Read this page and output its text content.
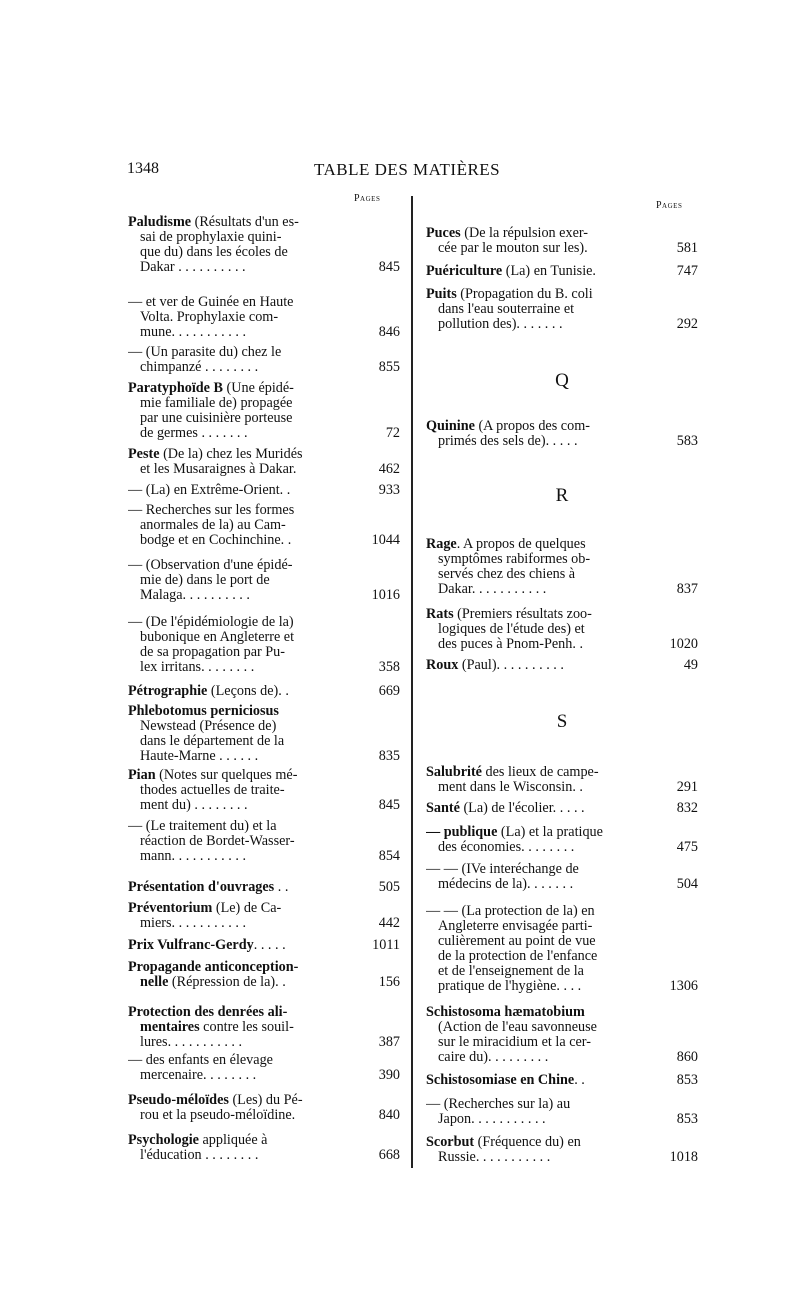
1348	TABLE DES MATIÈRES
Pages
Pages
Paludisme (Résultats d'un es-
sai de prophylaxie quini-
que du) dans les écoles de
Dakar . . . . . . . . . .	845
— et ver de Guinée en Haute
Volta. Prophylaxie com-
mune. . . . . . . . . . .	846
— (Un parasite du) chez le
chimpanzé . . . . . . . .	855
Paratyphoïde B (Une épidé-
mie familiale de) propagée
par une cuisinière porteuse
de germes . . . . . . .	72
Peste (De la) chez les Muridés
et les Musaraignes à Dakar.	462
— (La) en Extrême-Orient. .	933
— Recherches sur les formes
anormales de la) au Cam-
bodge et en Cochinchine. .	1044
— (Observation d'une épidé-
mie de) dans le port de
Malaga. . . . . . . . . .	1016
— (De l'épidémiologie de la)
bubonique en Angleterre et
de sa propagation par Pu-
lex irritans. . . . . . . .	358
Pétrographie (Leçons de). .	669
Phlebotomus perniciosus
Newstead (Présence de)
dans le département de la
Haute-Marne . . . . . .	835
Pian (Notes sur quelques mé-
thodes actuelles de traite-
ment du) . . . . . . . .	845
— (Le traitement du) et la
réaction de Bordet-Wasser-
mann. . . . . . . . . . .	854
Présentation d'ouvrages . .	505
Préventorium (Le) de Ca-
miers. . . . . . . . . . .	442
Prix Vulfranc-Gerdy. . . . .	1011
Propagande anticonception-
nelle (Répression de la). .	156
Protection des denrées ali-
mentaires contre les souil-
lures. . . . . . . . . . .	387
— des enfants en élevage
mercenaire. . . . . . . .	390
Pseudo-méloïdes (Les) du Pé-
rou et la pseudo-méloïdine.	840
Psychologie appliquée à
l'éducation . . . . . . . .	668
Q
R
S
Puces (De la répulsion exer-
cée par le mouton sur les).	581
Puériculture (La) en Tunisie.	747
Puits (Propagation du B. coli
dans l'eau souterraine et
pollution des). . . . . . .	292
Quinine (A propos des com-
primés des sels de). . . . .	583
Rage. A propos de quelques
symptômes rabiformes ob-
servés chez des chiens à
Dakar. . . . . . . . . . .	837
Rats (Premiers résultats zoo-
logiques de l'étude des) et
des puces à Pnom-Penh. .	1020
Roux (Paul). . . . . . . . . .	49
Salubrité des lieux de campe-
ment dans le Wisconsin. .	291
Santé (La) de l'écolier. . . . .	832
— publique (La) et la pratique
des économies. . . . . . . .	475
— — (IVe interéchange de
médecins de la). . . . . . .	504
— — (La protection de la) en
Angleterre envisagée parti-
culièrement au point de vue
de la protection de l'enfance
et de l'enseignement de la
pratique de l'hygiène. . . .	1306
Schistosoma hæmatobium
(Action de l'eau savonneuse
sur le miracidium et la cer-
caire du). . . . . . . . .	860
Schistosomiase en Chine. .	853
— (Recherches sur la) au
Japon. . . . . . . . . . .	853
Scorbut (Fréquence du) en
Russie. . . . . . . . . . .	1018
